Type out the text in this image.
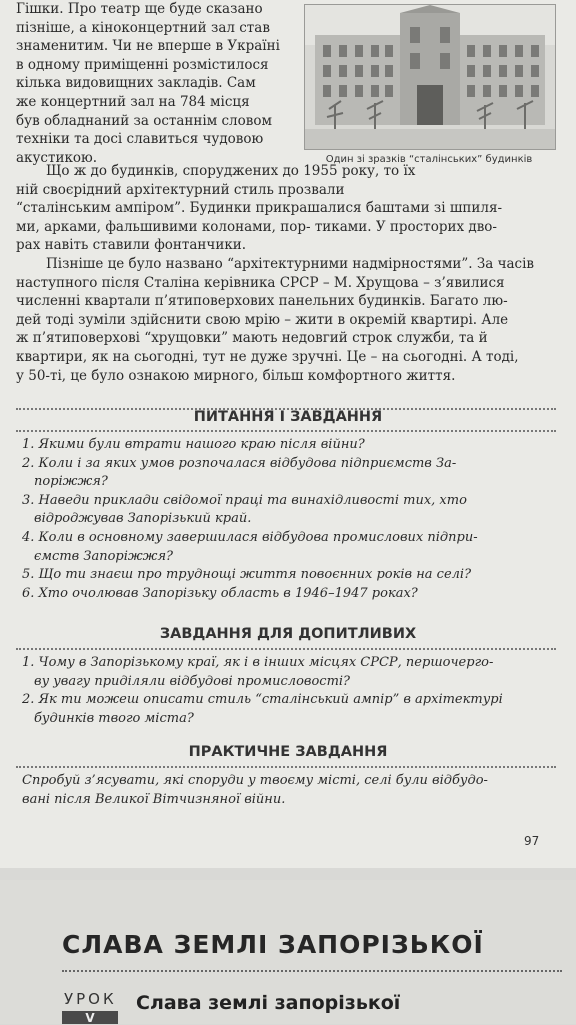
Гішки. Про театр ще буде сказано
пізніше, а кіноконцертний зал став
знаменитим. Чи не вперше в Україні
в одному приміщенні розмістилося
кілька видовищних закладів. Сам
же концертний зал на 784 місця
був обладнаний за останнім словом
техніки та досі славиться чудовою
акустикою.	Один зі зразків “сталінських” будинків

Що ж до будинків, споруджених до 1955 року, то їх
ній своєрідний архітектурний стиль прозвали
“сталінським ампіром”. Будинки прикрашалися баштами зі шпиля-
ми, арками, фальшивими колонами, пор- тиками. У просторих дво-
рах навіть ставили фонтанчики.

Пізніше це було названо “архітектурними надмірностями”. За часів
наступного після Сталіна керівника СРСР – М. Хрущова – з’явилися
численні квартали п’ятиповерхових панельних будинків. Багато лю-
дей тоді зуміли здійснити свою мрію – жити в окремій квартирі. Але
ж п’ятиповерхові “хрущовки” мають недовгий строк служби, та й
квартири, як на сьогодні, тут не дуже зручні. Це – на сьогодні. А тоді,
у 50-ті, це було ознакою мирного, більш комфортного життя.

ПИТАННЯ І ЗАВДАННЯ
1. Якими були втрати нашого краю після війни?
2. Коли і за яких умов розпочалася відбудова підприємств За-
поріжжя?
3. Наведи приклади свідомої праці та винахідливості тих, хто
відроджував Запорізький край.
4. Коли в основному завершилася відбудова промислових підпри-
ємств Запоріжжя?
5. Що ти знаєш про труднощі життя повоєнних років на селі?
6. Хто очолював Запорізьку область в 1946–1947 роках?
ЗАВДАННЯ ДЛЯ ДОПИТЛИВИХ
1. Чому в Запорізькому краї, як і в інших місцях СРСР, першочерго-
ву увагу приділяли відбудові промисловості?
2. Як ти можеш описати стиль “сталінський ампір” в архітектурі
будинків твого міста?
ПРАКТИЧНЕ ЗАВДАННЯ
Спробуй з’ясувати, які споруди у твоєму місті, селі були відбудо-
вані після Великої Вітчизняної війни.
97
СЛАВА ЗЕМЛІ ЗАПОРІЗЬКОЇ
УРОК
V
Слава землі запорізької
